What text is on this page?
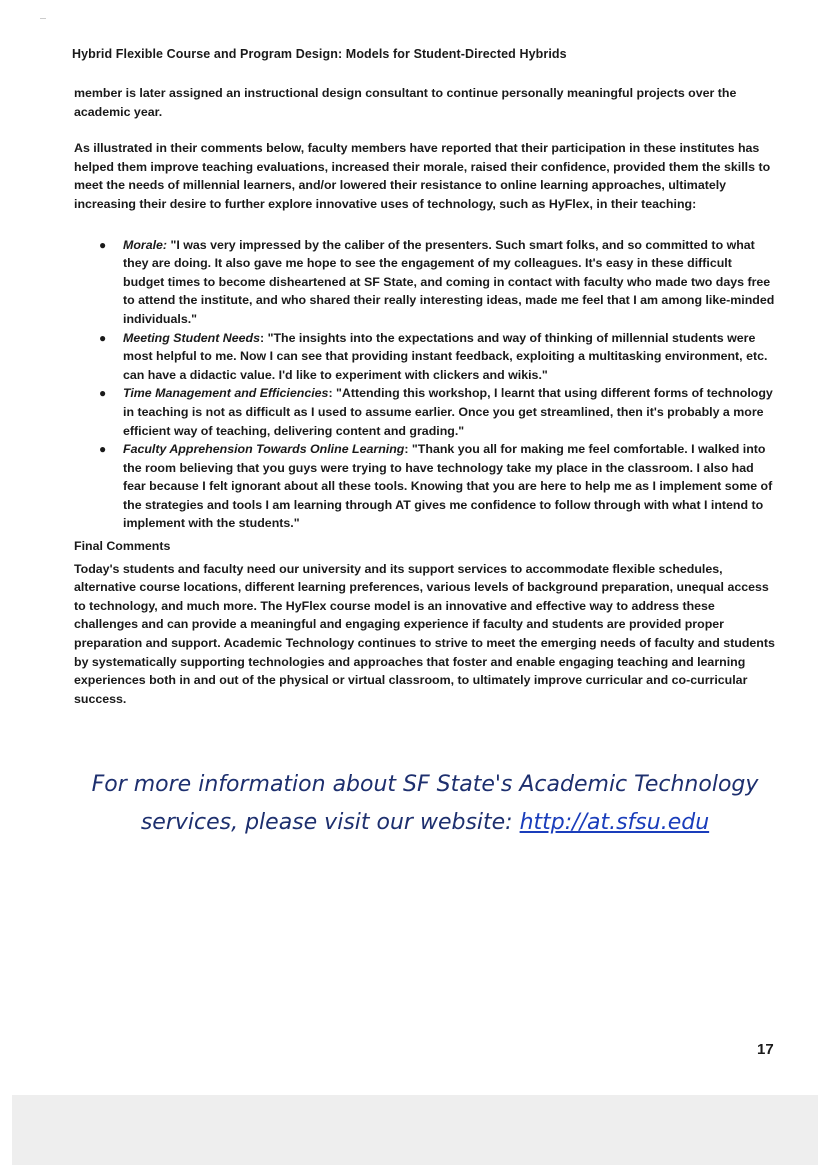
Hybrid Flexible Course and Program Design: Models for Student-Directed Hybrids

member is later assigned an instructional design consultant to continue personally meaningful projects over the academic year.

As illustrated in their comments below, faculty members have reported that their participation in these institutes has helped them improve teaching evaluations, increased their morale, raised their confidence, provided them the skills to meet the needs of millennial learners, and/or lowered their resistance to online learning approaches, ultimately increasing their desire to further explore innovative uses of technology, such as HyFlex, in their teaching:

● Morale: "I was very impressed by the caliber of the presenters. Such smart folks, and so committed to what they are doing. It also gave me hope to see the engagement of my colleagues. It's easy in these difficult budget times to become disheartened at SF State, and coming in contact with faculty who made two days free to attend the institute, and who shared their really interesting ideas, made me feel that I am among like-minded individuals."
● Meeting Student Needs: "The insights into the expectations and way of thinking of millennial students were most helpful to me. Now I can see that providing instant feedback, exploiting a multitasking environment, etc. can have a didactic value. I'd like to experiment with clickers and wikis."
● Time Management and Efficiencies: "Attending this workshop, I learnt that using different forms of technology in teaching is not as difficult as I used to assume earlier. Once you get streamlined, then it's probably a more efficient way of teaching, delivering content and grading."
● Faculty Apprehension Towards Online Learning: "Thank you all for making me feel comfortable. I walked into the room believing that you guys were trying to have technology take my place in the classroom. I also had fear because I felt ignorant about all these tools. Knowing that you are here to help me as I implement some of the strategies and tools I am learning through AT gives me confidence to follow through with what I intend to implement with the students."
Final Comments

Today's students and faculty need our university and its support services to accommodate flexible schedules, alternative course locations, different learning preferences, various levels of background preparation, unequal access to technology, and much more. The HyFlex course model is an innovative and effective way to address these challenges and can provide a meaningful and engaging experience if faculty and students are provided proper preparation and support. Academic Technology continues to strive to meet the emerging needs of faculty and students by systematically supporting technologies and approaches that foster and enable engaging teaching and learning experiences both in and out of the physical or virtual classroom, to ultimately improve curricular and co-curricular success.

For more information about SF State's Academic Technology
services, please visit our website: http://at.sfsu.edu
17
